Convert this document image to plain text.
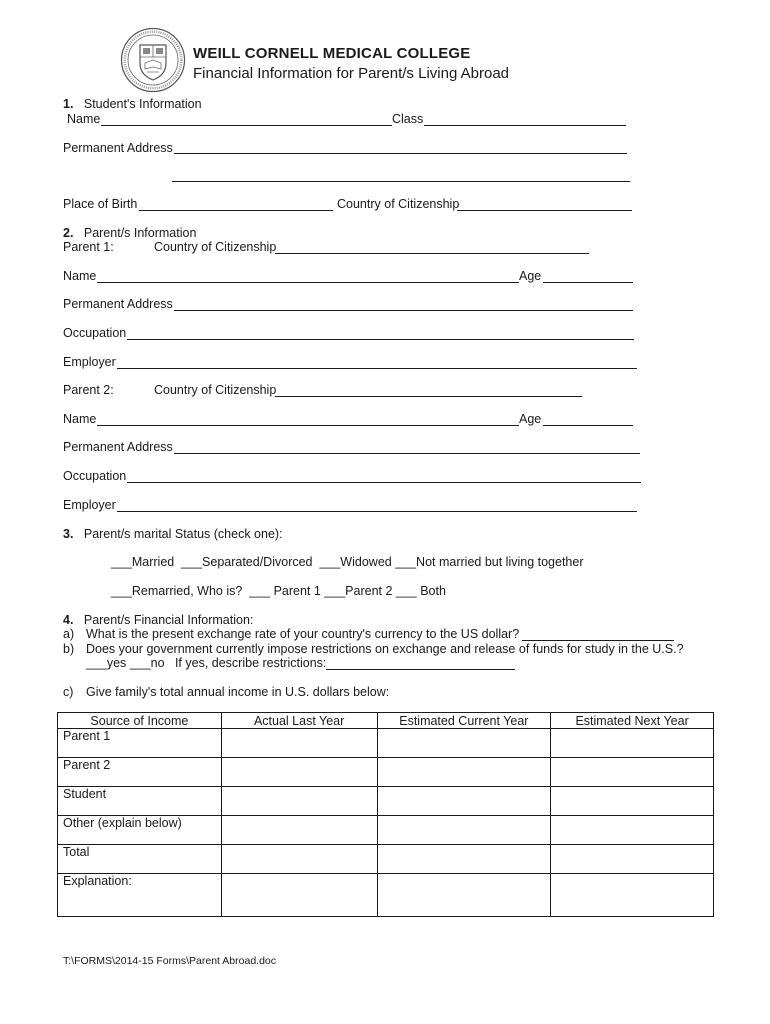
WEILL CORNELL MEDICAL COLLEGE
Financial Information for Parent/s Living Abroad
1. Student's Information
Name	Class
Permanent Address
Place of Birth	Country of Citizenship
2. Parent/s Information
Parent 1:	Country of Citizenship
Name	Age
Permanent Address
Occupation
Employer
Parent 2:	Country of Citizenship
Name	Age
Permanent Address
Occupation
Employer
3. Parent/s marital Status (check one):
___Married  ___Separated/Divorced  ___Widowed ___Not married but living together
___Remarried, Who is?  ___ Parent 1 ___Parent 2 ___ Both
4. Parent/s Financial Information:
a) What is the present exchange rate of your country's currency to the US dollar?
b) Does your government currently impose restrictions on exchange and release of funds for study in the U.S.?
___yes ___no   If yes, describe restrictions:
c) Give family's total annual income in U.S. dollars below:
Source of Income	Actual Last Year	Estimated Current Year	Estimated Next Year
Parent 1			
Parent 2			
Student			
Other (explain below)			
Total			
Explanation:			
T:\FORMS\2014-15 Forms\Parent Abroad.doc
